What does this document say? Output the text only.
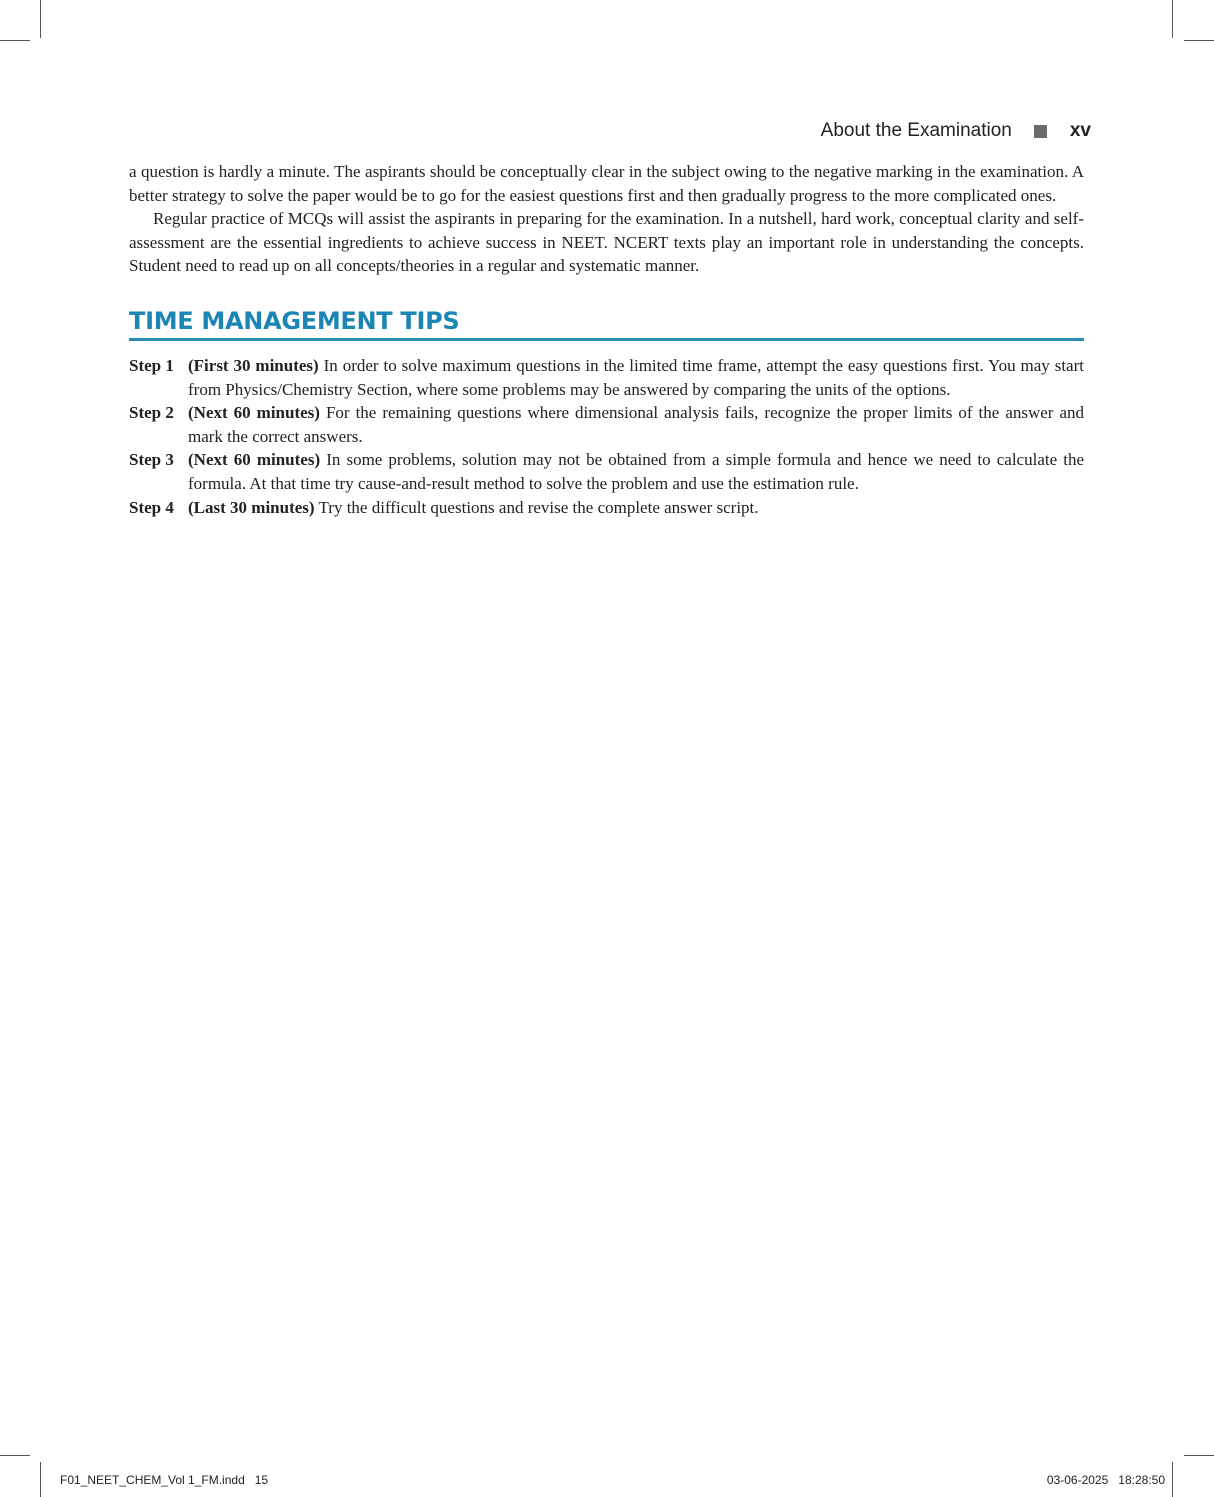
About the Examination	xv

a question is hardly a minute. The aspirants should be conceptually clear in the subject owing to the negative marking in the examination. A better strategy to solve the paper would be to go for the easiest questions first and then gradually progress to the more complicated ones.

Regular practice of MCQs will assist the aspirants in preparing for the examination. In a nutshell, hard work, conceptual clarity and self-assessment are the essential ingredients to achieve success in NEET. NCERT texts play an important role in understanding the concepts. Student need to read up on all concepts/theories in a regular and systematic manner.

TIME MANAGEMENT TIPS
Step 1 (First 30 minutes) In order to solve maximum questions in the limited time frame, attempt the easy questions first. You may start from Physics/Chemistry Section, where some problems may be answered by comparing the units of the options.
Step 2 (Next 60 minutes) For the remaining questions where dimensional analysis fails, recognize the proper limits of the answer and mark the correct answers.
Step 3 (Next 60 minutes) In some problems, solution may not be obtained from a simple formula and hence we need to calculate the formula. At that time try cause-and-result method to solve the problem and use the estimation rule.
Step 4 (Last 30 minutes) Try the difficult questions and revise the complete answer script.
F01_NEET_CHEM_Vol 1_FM.indd 15	03-06-2025 18:28:50
